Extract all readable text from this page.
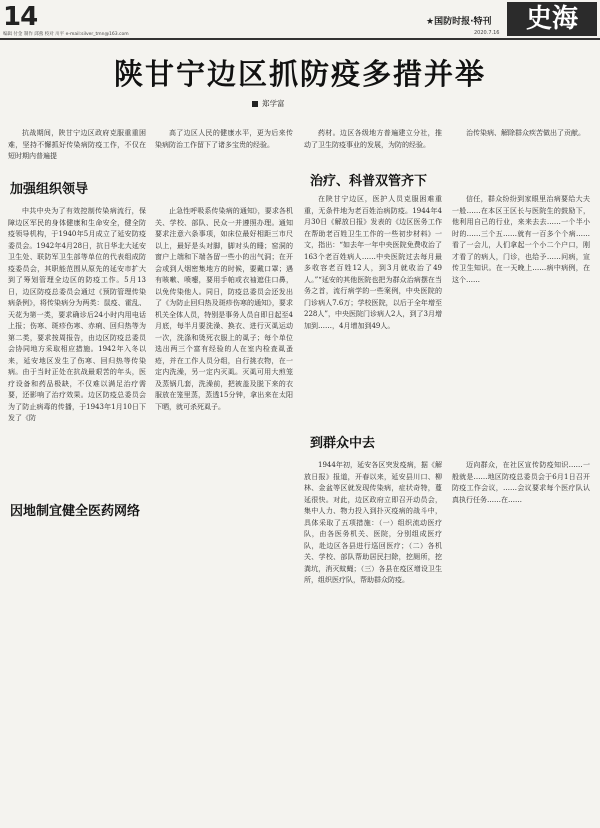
14
编辑 付金 制作 邱燕 校对 川平 e-mail:silver_tmn@163.com
★国防时报·特刊
2020.7.16	史海
陕甘宁边区抓防疫多措并举
郑学富

抗战期间，陕甘宁边区政府克服重重困难，坚持不懈抓好传染病防疫工作，不仅在短时期内普遍提

高了边区人民的健康水平，更为后来传染病防治工作留下了诸多宝贵的经验。

药材。边区各级地方普遍建立分社，推动了卫生防疫事业的发展，为防的经验。

治传染病、解除群众疾苦做出了贡献。

加强组织领导

中共中央为了有效控制传染病流行，保障边区军民的身体健康和生命安全，健全防疫领导机构，于1940年5月成立了延安防疫委员会。1942年4月28日，抗日华北大延安卫生处、联防军卫生部等单位的代表组成防疫委员会，其职能范围从原先的延安市扩大到了筹划管理全边区的防疫工作。5月13日，边区防疫总委员会通过《预防管理传染病条例》，将传染病分为两类：鼠疫、霍乱、天花为第一类，要求确诊后24小时内用电话上报；伤寒、斑疹伤寒、赤痢、回归热等为第二类，要求按周报告，由边区防疫总委员会协同地方采取相应措施。1942年入冬以来，延安地区发生了伤寒、回归热等传染病。由于当时正处在抗战最艰苦的年头，医疗设备和药品极缺，不仅难以满足治疗需要，还影响了治疗效果。边区防疫总委员会为了防止病毒的传播，于1943年1月10日下发了《防

止急性呼吸系传染病的通知》，要求各机关、学校、部队、民众一并遵照办理。通知要求注意六条事项，如床位最好相距三市尺以上，最好是头对脚，脚对头的睡；窑洞的窗户上端和下端各留一些小的出气洞；在开会或到人烟密集地方的时候，要戴口罩；遇有咳嗽、喷嚏，要用手帕或衣袖遮住口鼻，以免传染他人。同日，防疫总委员会还发出了《为防止回归热及斑疹伤寒的通知》，要求机关全体人员，特别是事务人员自即日起至4月底，每半月要洗澡、换衣、进行灭虱运动一次，洗涤和烫死衣服上的虱子；每个单位选出两三个富有经验的人在室内检查虱蚤疮，并在工作人员分组，自行挑衣物，在一定内洗澡，另一定内灭虱。灭虱可用大煎笼及蒸锅几套，洗澡前，把被盖及脱下来的衣服放在笼里蒸，蒸透15分钟，拿出来在太阳下晒，就可杀死虱子。

因地制宜健全医药网络
治疗、科普双管齐下

在陕甘宁边区，医护人员克服困难重重，无条件地为老百姓治病防疫。1944年4月30日《解放日报》发表的《边区医务工作在帮助老百姓卫生工作的一些初步材料》一文，指出：“如去年一年中央医院免费收治了163个老百姓病人……中央医院过去每月最多收容老百姓12人，到3月就收治了49人。”“延安的其他医院也把为群众治病摆在当务之首，流行病学的一些案例，中央医院的门诊病人7.6万；学校医院，以后于全年增至228人”，中央医院门诊病人2人，到了3月增加到……，4月增加到49人。

信任，群众纷纷到家眼里治病要给大夫一般……在本区王区长与医院生的鼓励下，他利用自己的行业，来来去去……一个半小时的……三个五……就有一百多个个病……看了一会儿，人们拿起一个小二个户口，刚才看了的病人，门诊，也给予……问病，宣传卫生知识。在一天晚上……病中病例，在这个……

到群众中去

1944年初，延安各区突发疫病，据《解放日报》报道，开春以来，延安县川口、柳林、金盆等区就发现传染病，症状奇特，蔓延很快。对此，边区政府立即召开动员会，集中人力、物力投入到扑灭疫病的战斗中，具体采取了五项措施：（一）组织流动医疗队，由各医务机关、医院，分别组成医疗队，赴边区各县进行巡回医疗；（二）各机关、学校、部队帮助居民扫除，挖厕所，挖粪坑，消灭蚊蝇；（三）各县在疫区增设卫生所，组织医疗队，帮助群众防疫。

迈向群众，在社区宣传防疫知识……一般就是……地区防疫总委员会于6月1日召开防疫工作会议，……会议要求每个医疗队认真执行任务……在……
